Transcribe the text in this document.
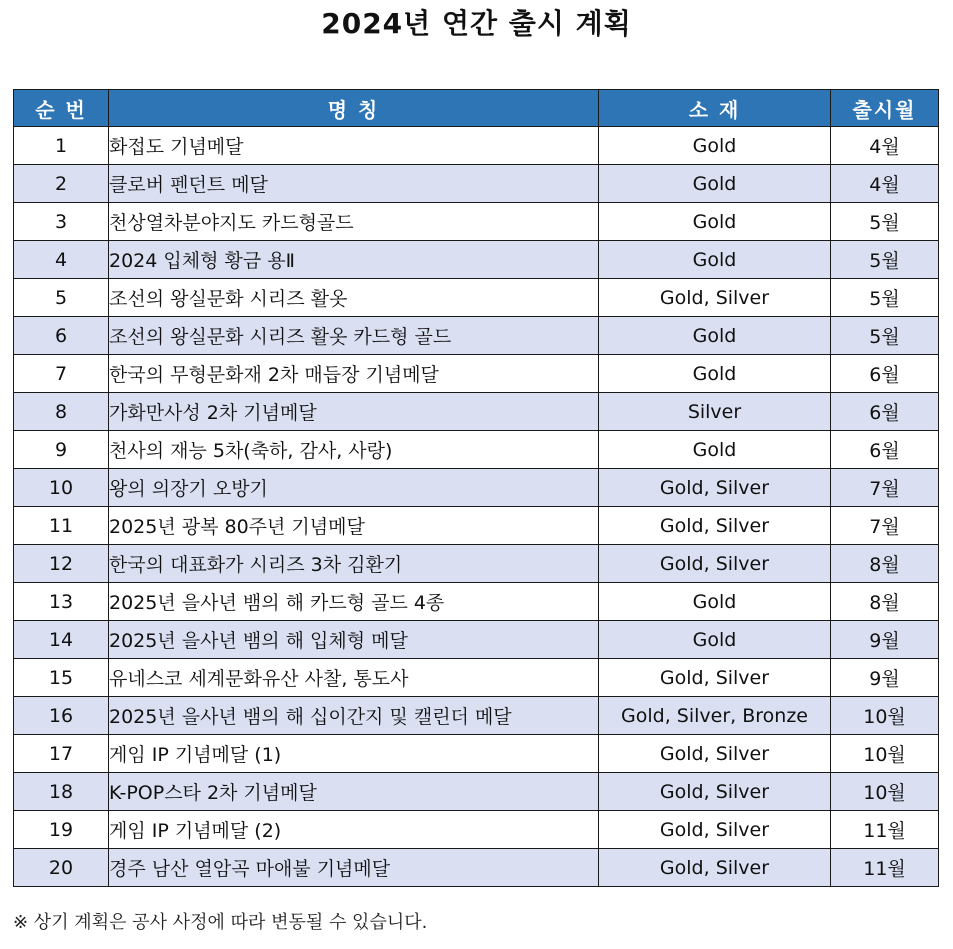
2024년 연간 출시 계획
순 번	명 칭	소 재	출시월
1	화접도 기념메달	Gold	4월
2	클로버 펜던트 메달	Gold	4월
3	천상열차분야지도 카드형골드	Gold	5월
4	2024 입체형 황금 용Ⅱ	Gold	5월
5	조선의 왕실문화 시리즈 활옷	Gold, Silver	5월
6	조선의 왕실문화 시리즈 활옷 카드형 골드	Gold	5월
7	한국의 무형문화재 2차 매듭장 기념메달	Gold	6월
8	가화만사성 2차 기념메달	Silver	6월
9	천사의 재능 5차(축하, 감사, 사랑)	Gold	6월
10	왕의 의장기 오방기	Gold, Silver	7월
11	2025년 광복 80주년 기념메달	Gold, Silver	7월
12	한국의 대표화가 시리즈 3차 김환기	Gold, Silver	8월
13	2025년 을사년 뱀의 해 카드형 골드 4종	Gold	8월
14	2025년 을사년 뱀의 해 입체형 메달	Gold	9월
15	유네스코 세계문화유산 사찰, 통도사	Gold, Silver	9월
16	2025년 을사년 뱀의 해 십이간지 및 캘린더 메달	Gold, Silver, Bronze	10월
17	게임 IP 기념메달 (1)	Gold, Silver	10월
18	K-POP스타 2차 기념메달	Gold, Silver	10월
19	게임 IP 기념메달 (2)	Gold, Silver	11월
20	경주 남산 열암곡 마애불 기념메달	Gold, Silver	11월
※ 상기 계획은 공사 사정에 따라 변동될 수 있습니다.
